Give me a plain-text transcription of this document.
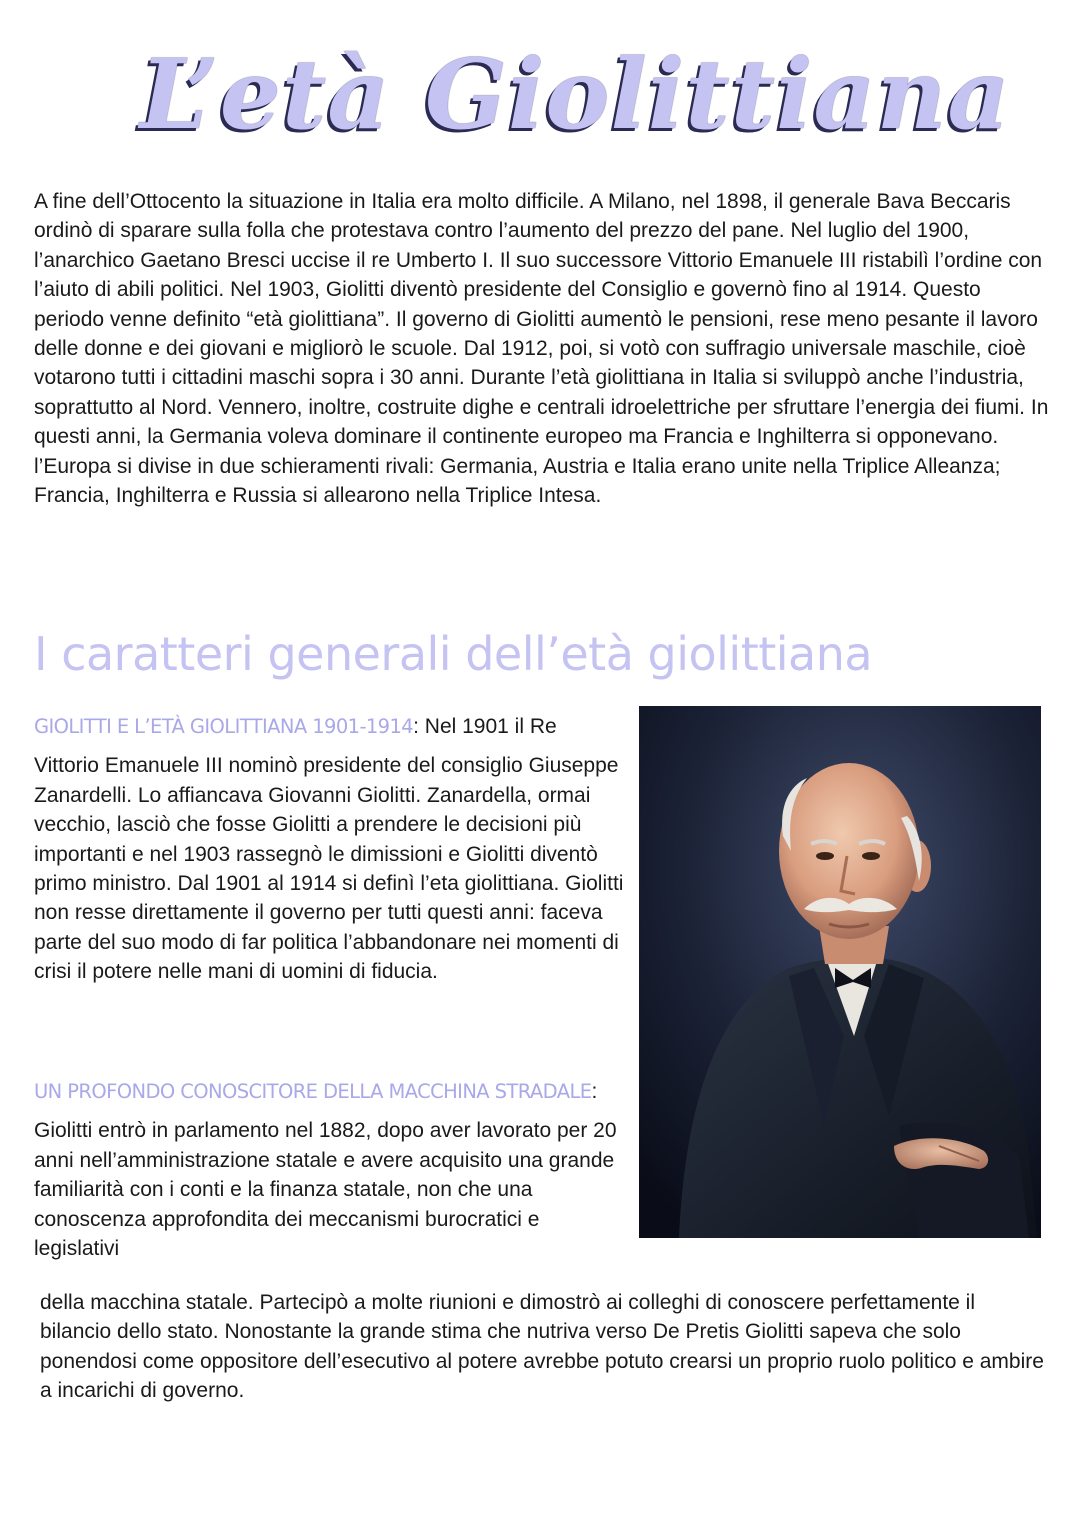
L’età Giolittiana

A fine dell’Ottocento la situazione in Italia era molto difficile. A Milano, nel 1898, il generale Bava Beccaris ordinò di sparare sulla folla che protestava contro l’aumento del prezzo del pane. Nel luglio del 1900, l’anarchico Gaetano Bresci uccise il re Umberto I. Il suo successore Vittorio Emanuele III ristabilì l’ordine con l’aiuto di abili politici. Nel 1903, Giolitti diventò presidente del Consiglio e governò fino al 1914. Questo periodo venne definito “età giolittiana”. Il governo di Giolitti aumentò le pensioni, rese meno pesante il lavoro delle donne e dei giovani e migliorò le scuole. Dal 1912, poi, si votò con suffragio universale maschile, cioè votarono tutti i cittadini maschi sopra i 30 anni. Durante l’età giolittiana in Italia si sviluppò anche l’industria, soprattutto al Nord. Vennero, inoltre, costruite dighe e centrali idroelettriche per sfruttare l’energia dei fiumi. In questi anni, la Germania voleva dominare il continente europeo ma Francia e Inghilterra si opponevano. l’Europa si divise in due schieramenti rivali: Germania, Austria e Italia erano unite nella Triplice Alleanza; Francia, Inghilterra e Russia si allearono nella Triplice Intesa.

I caratteri generali dell’età giolittiana

GIOLITTI E L’ETÀ GIOLITTIANA 1901-1914: Nel 1901 il Re

Vittorio Emanuele III nominò presidente del consiglio Giuseppe Zanardelli. Lo affiancava Giovanni Giolitti. Zanardella, ormai vecchio, lasciò che fosse Giolitti a prendere le decisioni più importanti e nel 1903 rassegnò le dimissioni e Giolitti diventò primo ministro. Dal 1901 al 1914 si definì l’eta giolittiana. Giolitti non resse direttamente il governo per tutti questi anni: faceva parte del suo modo di far politica l’abbandonare nei momenti di crisi il potere nelle mani di uomini di fiducia.

UN PROFONDO CONOSCITORE DELLA MACCHINA STRADALE:

Giolitti entrò in parlamento nel 1882, dopo aver lavorato per 20 anni nell’amministrazione statale e avere acquisito una grande familiarità con i conti e la finanza statale, non che una conoscenza approfondita dei meccanismi burocratici e legislativi

della macchina statale. Partecipò a molte riunioni e dimostrò ai colleghi di conoscere perfettamente il bilancio dello stato. Nonostante la grande stima che nutriva verso De Pretis Giolitti sapeva che solo ponendosi come oppositore dell’esecutivo al potere avrebbe potuto crearsi un proprio ruolo politico e ambire a incarichi di governo.
